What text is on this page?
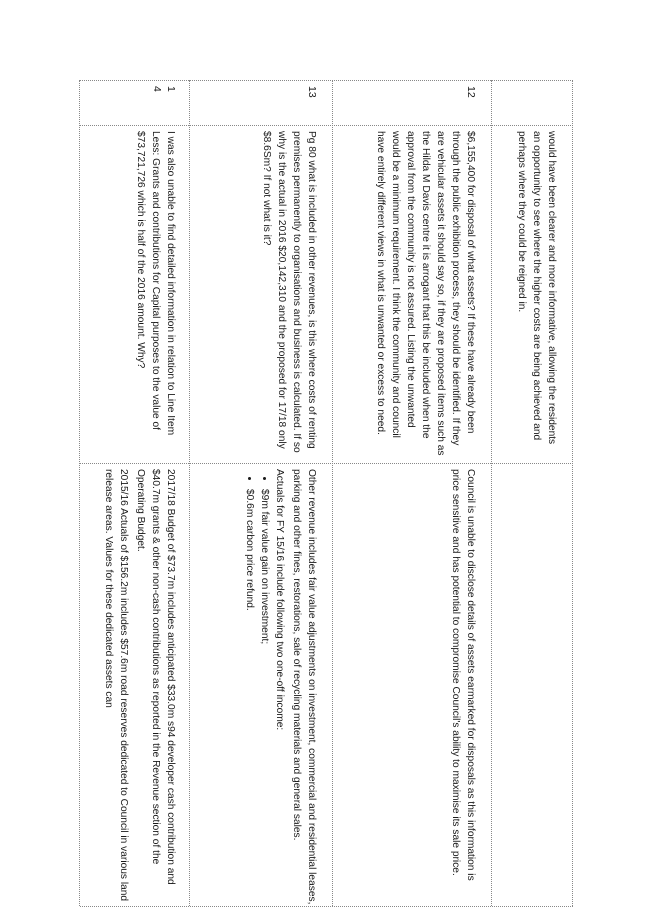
would have been clearer and more informative, allowing the residents an opportunity to see where the higher costs are being achieved and perhaps where they could be reigned in.
12
$6,155,400 for disposal of what assets? If these have already been through the public exhibition process, they should be identified. If they are vehicular assets it should say so, if they are proposed items such as the Hilda M Davis centre it is arrogant that this be included when the approval from the community is not assured. Listing the unwanted would be a minimum requirement. I think the community and council have entirely different views in what is unwanted or excess to need.
Council is unable to disclose details of assets earmarked for disposals as this information is price sensitive and has potential to compromise Council's ability to maximise its sale price.
13
Pg 80 what is included in other revenues, is this where costs of renting premises permanently to organisations and business is calculated. If so why is the actual in 2016 $20,142,310 and the proposed for 17/18 only $8.6Sm? If not what is it?
Other revenue includes fair value adjustments on investment, commercial and residential leases, parking and other fines, restorations, sale of recycling materials and general sales.
Actuals for FY 15/16 include following two one-off income:
• $9m fair value gain on investment;
• $0.6m carbon price refund.
1
4
I was also unable to find detailed information in relation to Line Item Less: Grants and contributions for Capital purposes to the value of $73,721,726 which is half of the 2016 amount. Why?
2017/18 Budget of $73.7m includes anticipated $33.0m s94 developer cash contribution and $40.7m grants & other non-cash contributions as reported in the Revenue section of the Operating Budget.
2015/16 Actuals of $156.2m includes $57.6m road reserves dedicated to Council in various land release areas. Values for these dedicated assets can
